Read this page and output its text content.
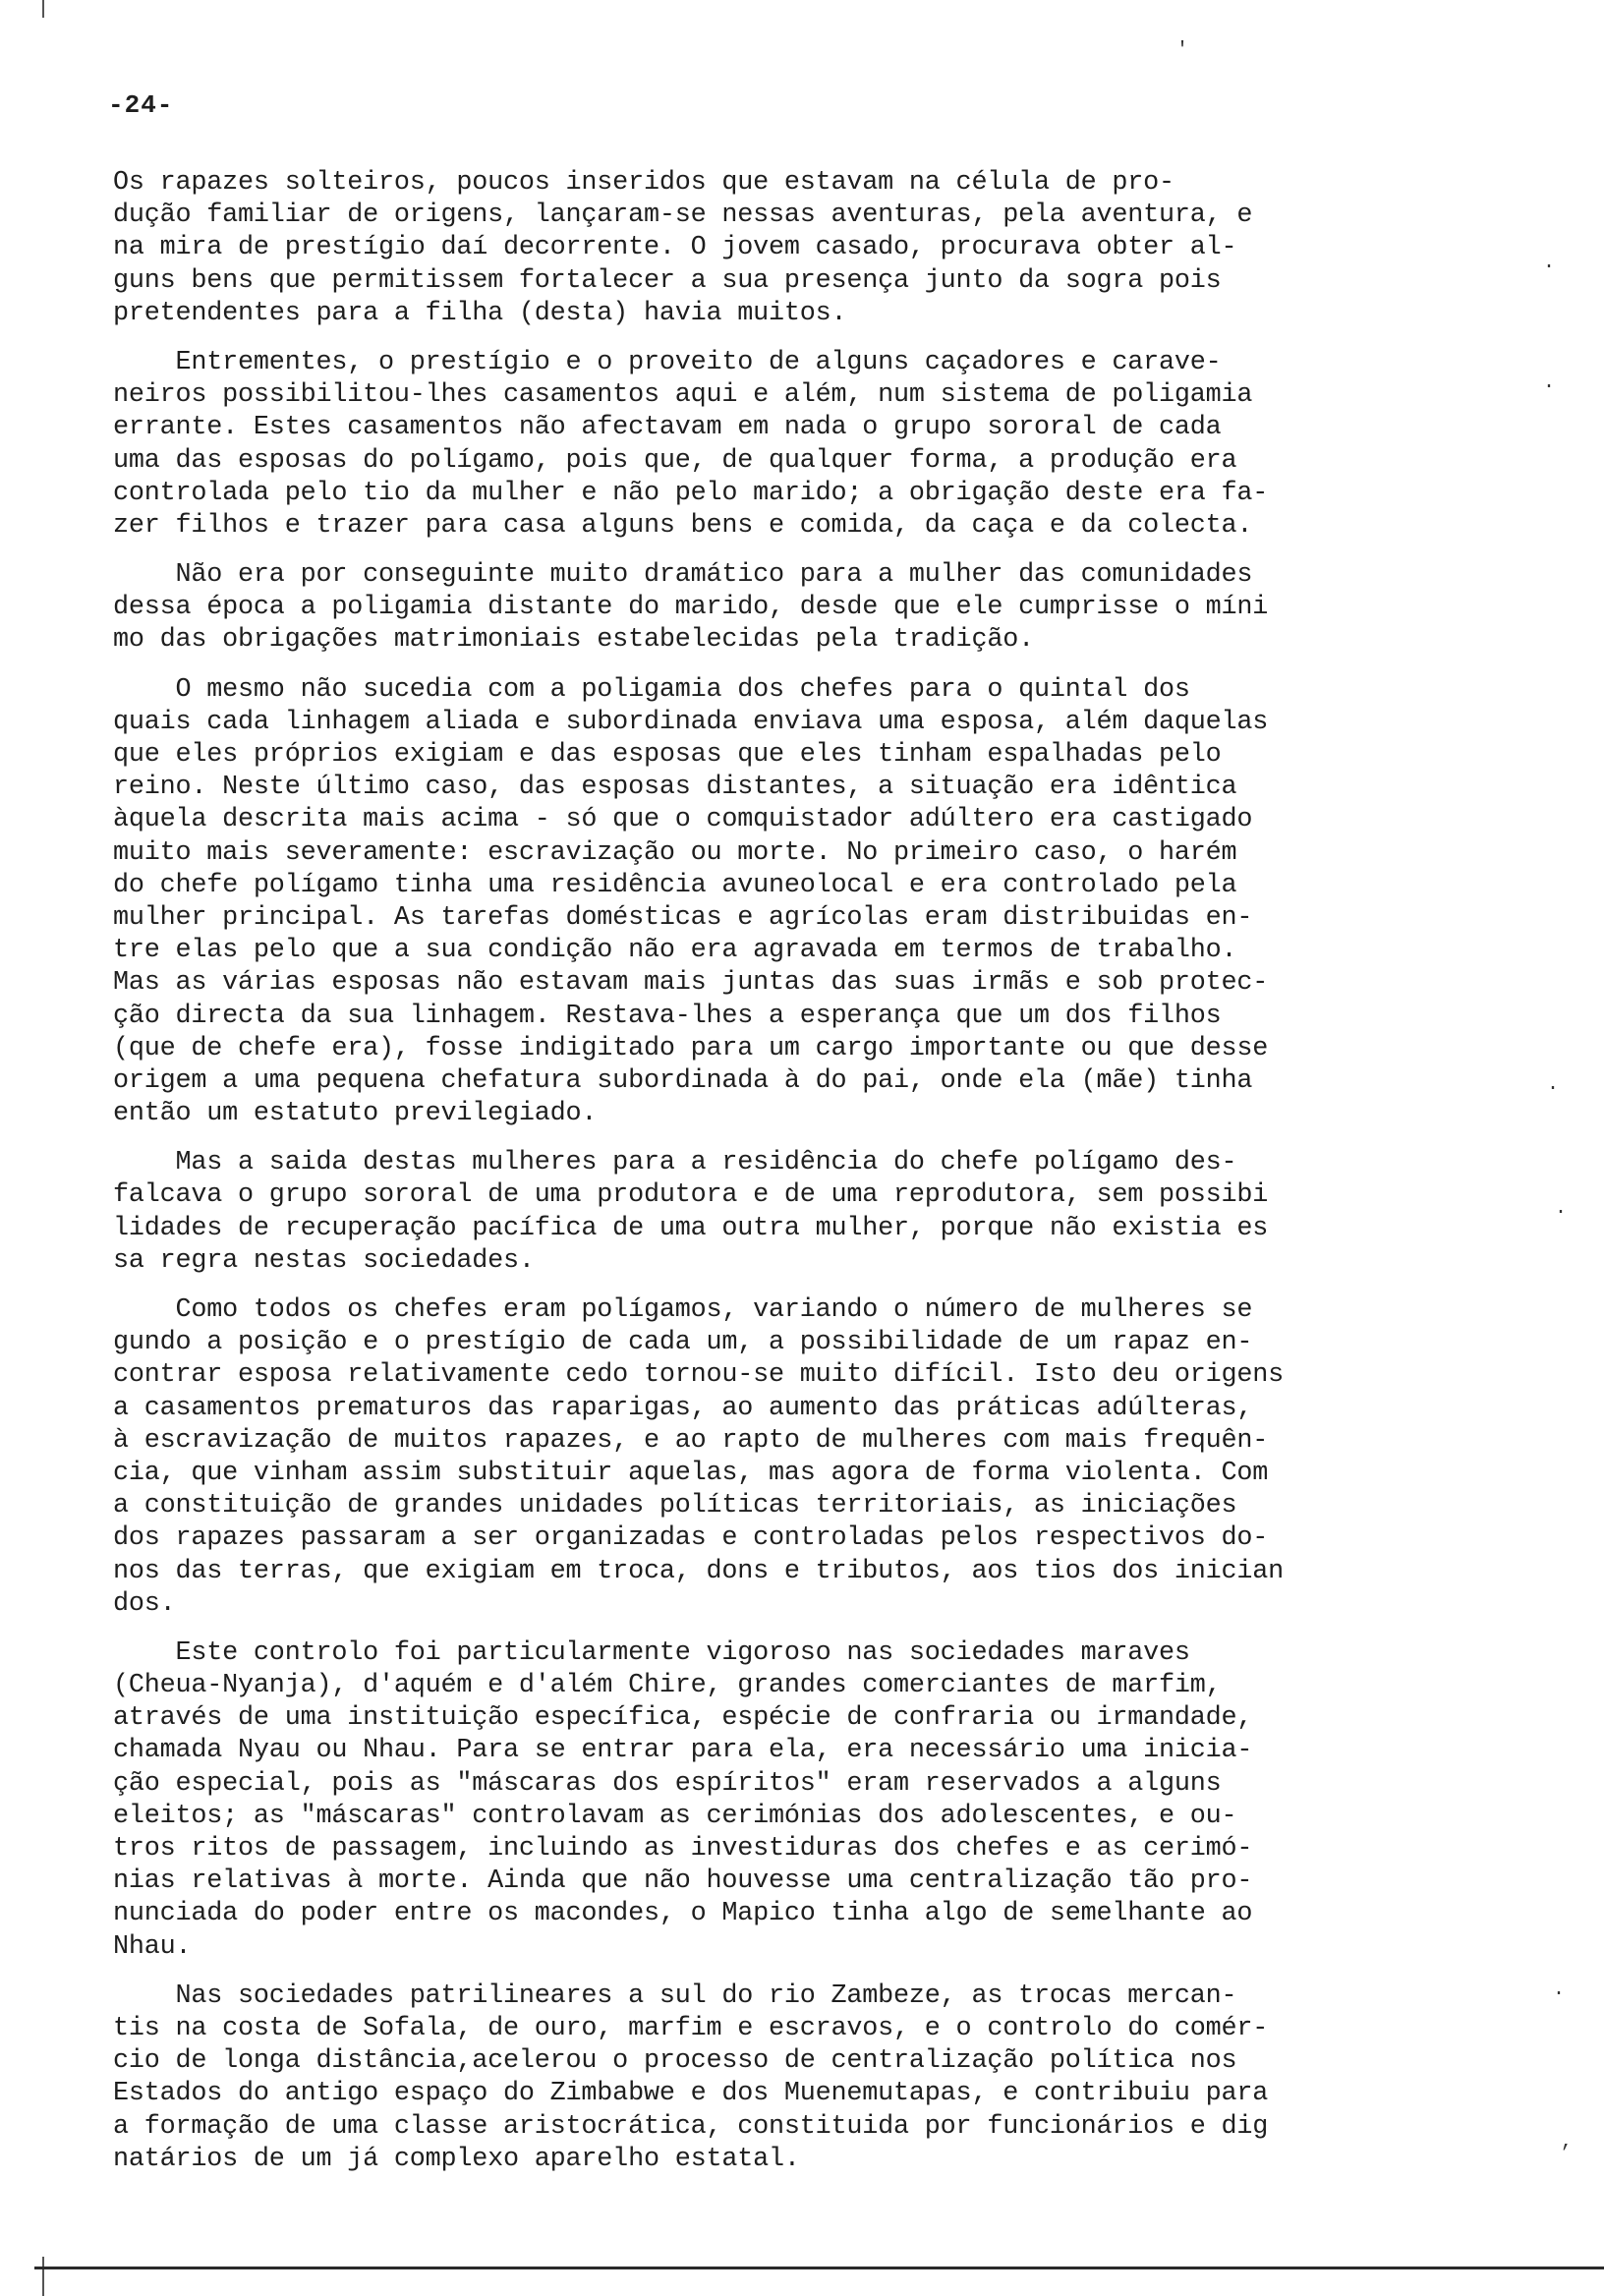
-24-
Os rapazes solteiros, poucos inseridos que estavam na célula de pro-
dução familiar de origens, lançaram-se nessas aventuras, pela aventura, e
na mira de prestígio daí decorrente. O jovem casado, procurava obter al-
guns bens que permitissem fortalecer a sua presença junto da sogra pois
pretendentes para a filha (desta) havia muitos.
Entrementes, o prestígio e o proveito de alguns caçadores e carave-
neiros possibilitou-lhes casamentos aqui e além, num sistema de poligamia
errante. Estes casamentos não afectavam em nada o grupo sororal de cada
uma das esposas do polígamo, pois que, de qualquer forma, a produção era
controlada pelo tio da mulher e não pelo marido; a obrigação deste era fa-
zer filhos e trazer para casa alguns bens e comida, da caça e da colecta.
Não era por conseguinte muito dramático para a mulher das comunidades
dessa época a poligamia distante do marido, desde que ele cumprisse o míni
mo das obrigações matrimoniais estabelecidas pela tradição.
O mesmo não sucedia com a poligamia dos chefes para o quintal dos
quais cada linhagem aliada e subordinada enviava uma esposa, além daquelas
que eles próprios exigiam e das esposas que eles tinham espalhadas pelo
reino. Neste último caso, das esposas distantes, a situação era idêntica
àquela descrita mais acima - só que o comquistador adúltero era castigado
muito mais severamente: escravização ou morte. No primeiro caso, o harém
do chefe polígamo tinha uma residência avuneolocal e era controlado pela
mulher principal. As tarefas domésticas e agrícolas eram distribuidas en-
tre elas pelo que a sua condição não era agravada em termos de trabalho.
Mas as várias esposas não estavam mais juntas das suas irmãs e sob protec-
ção directa da sua linhagem. Restava-lhes a esperança que um dos filhos
(que de chefe era), fosse indigitado para um cargo importante ou que desse
origem a uma pequena chefatura subordinada à do pai, onde ela (mãe) tinha
então um estatuto previlegiado.
Mas a saida destas mulheres para a residência do chefe polígamo des-
falcava o grupo sororal de uma produtora e de uma reprodutora, sem possibi
lidades de recuperação pacífica de uma outra mulher, porque não existia es
sa regra nestas sociedades.
Como todos os chefes eram polígamos, variando o número de mulheres se
gundo a posição e o prestígio de cada um, a possibilidade de um rapaz en-
contrar esposa relativamente cedo tornou-se muito difícil. Isto deu origens
a casamentos prematuros das raparigas, ao aumento das práticas adúlteras,
à escravização de muitos rapazes, e ao rapto de mulheres com mais frequên-
cia, que vinham assim substituir aquelas, mas agora de forma violenta. Com
a constituição de grandes unidades políticas territoriais, as iniciações
dos rapazes passaram a ser organizadas e controladas pelos respectivos do-
nos das terras, que exigiam em troca, dons e tributos, aos tios dos inician
dos.
Este controlo foi particularmente vigoroso nas sociedades maraves
(Cheua-Nyanja), d'aquém e d'além Chire, grandes comerciantes de marfim,
através de uma instituição específica, espécie de confraria ou irmandade,
chamada Nyau ou Nhau. Para se entrar para ela, era necessário uma inicia-
ção especial, pois as "máscaras dos espíritos" eram reservados a alguns
eleitos; as "máscaras" controlavam as cerimónias dos adolescentes, e ou-
tros ritos de passagem, incluindo as investiduras dos chefes e as cerimó-
nias relativas à morte. Ainda que não houvesse uma centralização tão pro-
nunciada do poder entre os macondes, o Mapico tinha algo de semelhante ao
Nhau.
Nas sociedades patrilineares a sul do rio Zambeze, as trocas mercan-
tis na costa de Sofala, de ouro, marfim e escravos, e o controlo do comér-
cio de longa distância,acelerou o processo de centralização política nos
Estados do antigo espaço do Zimbabwe e dos Muenemutapas, e contribuiu para
a formação de uma classe aristocrática, constituida por funcionários e dig
natários de um já complexo aparelho estatal.
'
.
.
.
.
.
,
